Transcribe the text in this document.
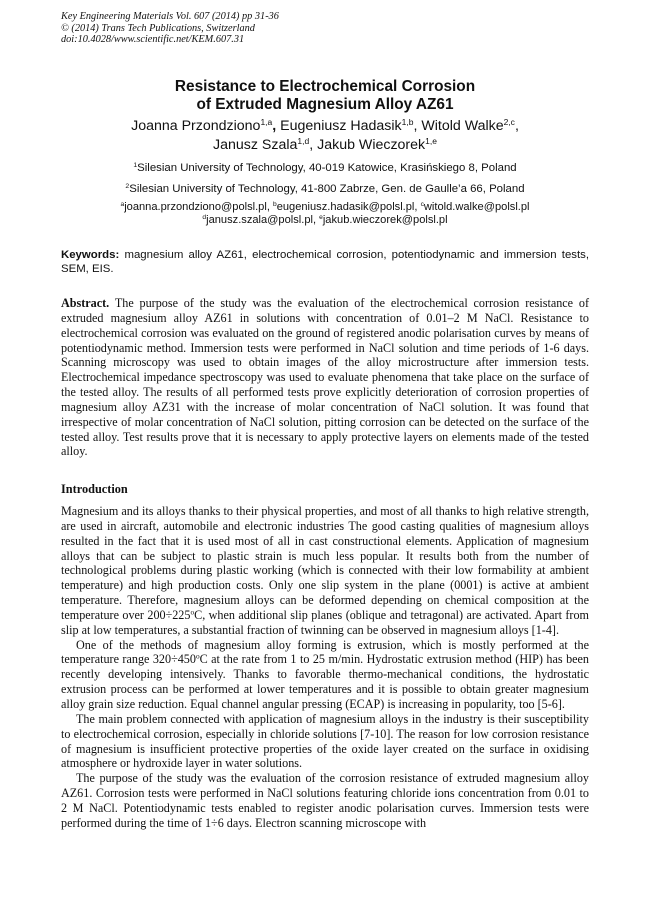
Key Engineering Materials Vol. 607 (2014) pp 31-36
© (2014) Trans Tech Publications, Switzerland
doi:10.4028/www.scientific.net/KEM.607.31
Resistance to Electrochemical Corrosion
of Extruded Magnesium Alloy AZ61
Joanna Przondziono$^{1,a}$, Eugeniusz Hadasik$^{1,b}$, Witold Walke$^{2,c}$,
Janusz Szala$^{1,d}$, Jakub Wieczorek$^{1,e}$
$^1$Silesian University of Technology, 40-019 Katowice, Krasińskiego 8, Poland
$^2$Silesian University of Technology, 41-800 Zabrze, Gen. de Gaulle’a 66, Poland
$^a$joanna.przondziono@polsl.pl, $^b$eugeniusz.hadasik@polsl.pl, $^c$witold.walke@polsl.pl
$^d$janusz.szala@polsl.pl, $^e$jakub.wieczorek@polsl.pl
Keywords: magnesium alloy AZ61, electrochemical corrosion, potentiodynamic and immersion tests, SEM, EIS.
Abstract. The purpose of the study was the evaluation of the electrochemical corrosion resistance of extruded magnesium alloy AZ61 in solutions with concentration of 0.01–2 M NaCl. Resistance to electrochemical corrosion was evaluated on the ground of registered anodic polarisation curves by means of potentiodynamic method. Immersion tests were performed in NaCl solution and time periods of 1-6 days. Scanning microscopy was used to obtain images of the alloy microstructure after immersion tests. Electrochemical impedance spectroscopy was used to evaluate phenomena that take place on the surface of the tested alloy. The results of all performed tests prove explicitly deterioration of corrosion properties of magnesium alloy AZ31 with the increase of molar concentration of NaCl solution. It was found that irrespective of molar concentration of NaCl solution, pitting corrosion can be detected on the surface of the tested alloy. Test results prove that it is necessary to apply protective layers on elements made of the tested alloy.
Introduction

Magnesium and its alloys thanks to their physical properties, and most of all thanks to high relative strength, are used in aircraft, automobile and electronic industries The good casting qualities of magnesium alloys resulted in the fact that it is used most of all in cast constructional elements. Application of magnesium alloys that can be subject to plastic strain is much less popular. It results both from the number of technological problems during plastic working (which is connected with their low formability at ambient temperature) and high production costs. Only one slip system in the plane (0001) is active at ambient temperature. Therefore, magnesium alloys can be deformed depending on chemical composition at the temperature over $200\div 225^oC$, when additional slip planes (oblique and tetragonal) are activated. Apart from slip at low temperatures, a substantial fraction of twinning can be observed in magnesium alloys [1-4].

One of the methods of magnesium alloy forming is extrusion, which is mostly performed at the temperature range $320\div 450^oC$ at the rate from 1 to 25 m/min. Hydrostatic extrusion method (HIP) has been recently developing intensively. Thanks to favorable thermo-mechanical conditions, the hydrostatic extrusion process can be performed at lower temperatures and it is possible to obtain greater magnesium alloy grain size reduction. Equal channel angular pressing (ECAP) is increasing in popularity, too [5-6].

The main problem connected with application of magnesium alloys in the industry is their susceptibility to electrochemical corrosion, especially in chloride solutions [7-10]. The reason for low corrosion resistance of magnesium is insufficient protective properties of the oxide layer created on the surface in oxidising atmosphere or hydroxide layer in water solutions.

The purpose of the study was the evaluation of the corrosion resistance of extruded magnesium alloy AZ61. Corrosion tests were performed in NaCl solutions featuring chloride ions concentration from 0.01 to 2 M NaCl. Potentiodynamic tests enabled to register anodic polarisation curves. Immersion tests were performed during the time of 1÷6 days. Electron scanning microscope with
